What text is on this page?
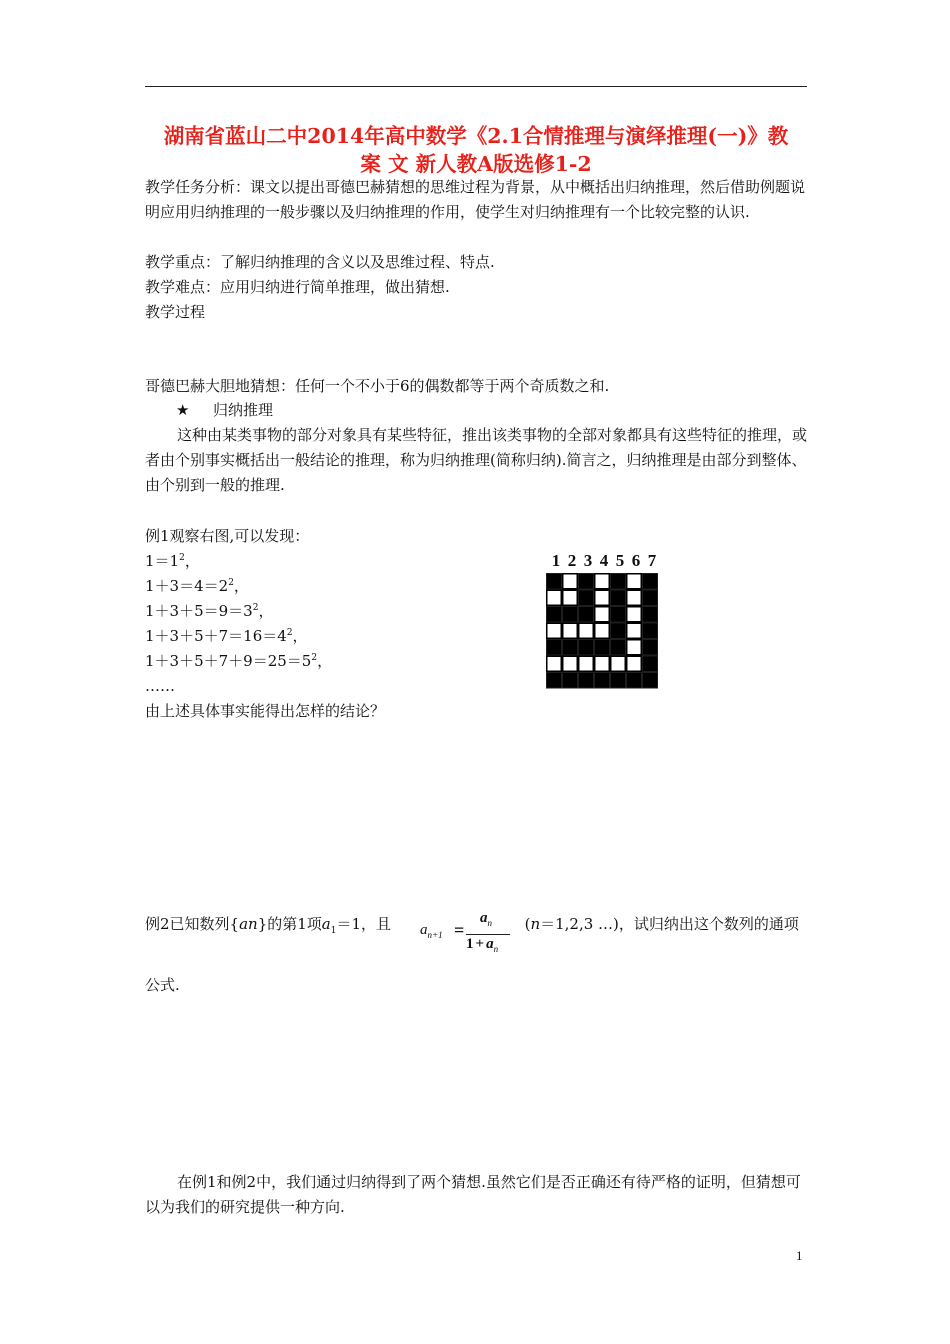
湖南省蓝山二中2014年高中数学《2.1合情推理与演绎推理(一)》教
案 文 新人教A版选修1-2

教学任务分析：课文以提出哥德巴赫猜想的思维过程为背景，从中概括出归纳推理，然后借助例题说明应用归纳推理的一般步骤以及归纳推理的作用，使学生对归纳推理有一个比较完整的认识.

教学重点：了解归纳推理的含义以及思维过程、特点.

教学难点：应用归纳进行简单推理，做出猜想.

教学过程

哥德巴赫大胆地猜想：任何一个不小于6的偶数都等于两个奇质数之和.

★ 归纳推理

这种由某类事物的部分对象具有某些特征，推出该类事物的全部对象都具有这些特征的推理，或者由个别事实概括出一般结论的推理，称为归纳推理(简称归纳).简言之，归纳推理是由部分到整体、由个别到一般的推理.

例1观察右图,可以发现：

$1=1^2$，
$1+3=4=2^2$，
$1+3+5=9=3^2$，
$1+3+5+7=16=4^2$，
$1+3+5+7+9=25=5^2$，
……
由上述具体事实能得出怎样的结论？
1 2 3 4 5 6 7
例2已知数列{an}的第1项$a_1=1$，且	(n＝1,2,3 …)，试归纳出这个数列的通项
$a_{n+1}$ =
$a_n$
$1 + a_n$

公式.

在例1和例2中，我们通过归纳得到了两个猜想.虽然它们是否正确还有待严格的证明，但猜想可以为我们的研究提供一种方向.

1
